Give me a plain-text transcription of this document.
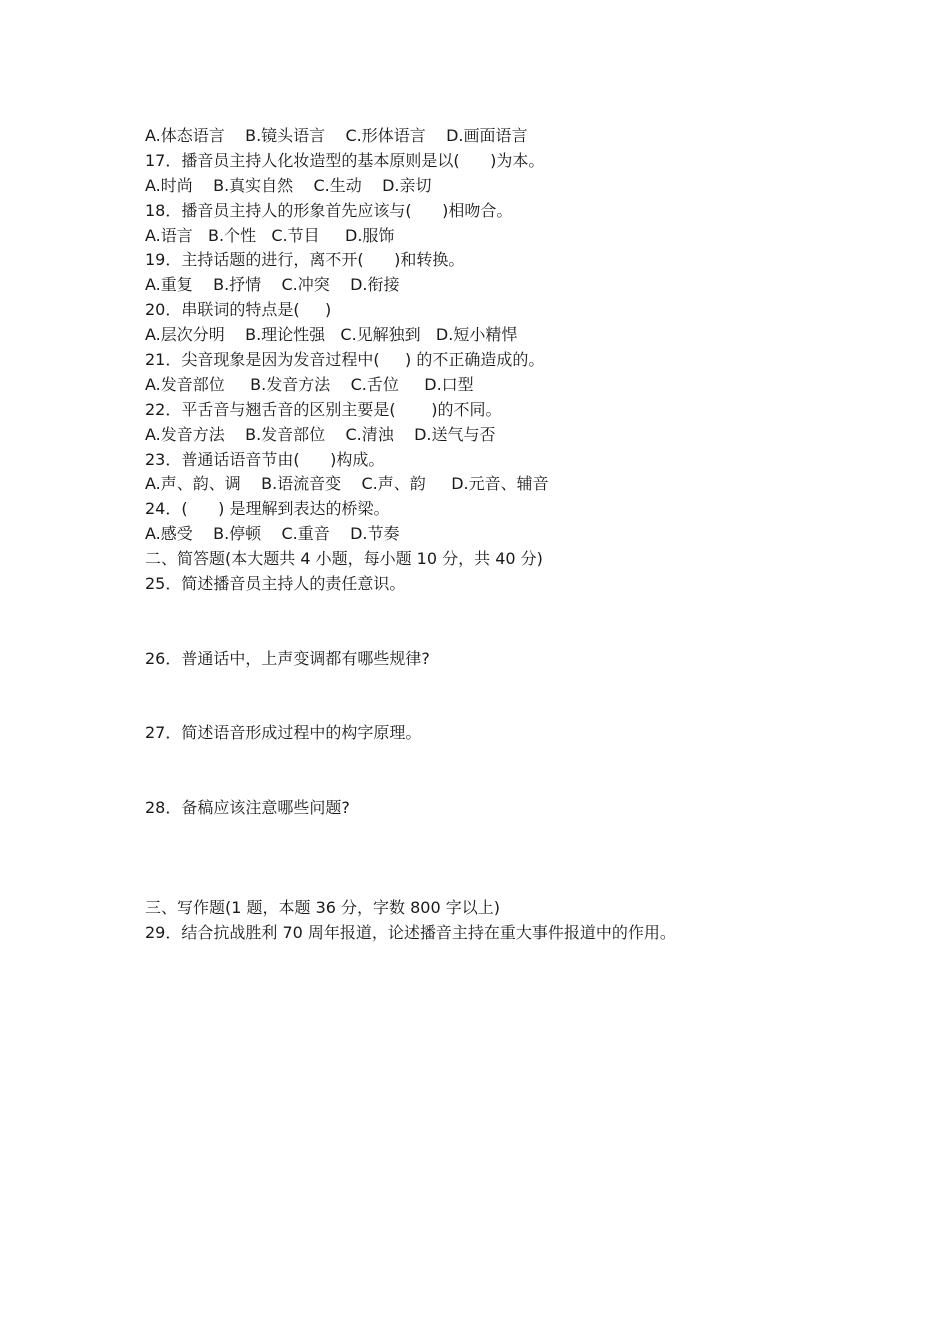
A.体态语言    B.镜头语言    C.形体语言    D.画面语言
17．播音员主持人化妆造型的基本原则是以(      )为本。
A.时尚    B.真实自然    C.生动    D.亲切
18．播音员主持人的形象首先应该与(      )相吻合。
A.语言   B.个性   C.节目     D.服饰
19．主持话题的进行，离不开(      )和转换。
A.重复    B.抒情    C.冲突    D.衔接
20．串联词的特点是(     )
A.层次分明    B.理论性强   C.见解独到   D.短小精悍
21．尖音现象是因为发音过程中(     ) 的不正确造成的。
A.发音部位     B.发音方法    C.舌位     D.口型
22．平舌音与翘舌音的区别主要是(       )的不同。
A.发音方法    B.发音部位    C.清浊    D.送气与否
23．普通话语音节由(      )构成。
A.声、韵、调    B.语流音变    C.声、韵     D.元音、辅音
24．(      ) 是理解到表达的桥梁。
A.感受    B.停顿    C.重音    D.节奏
二、简答题(本大题共 4 小题，每小题 10 分，共 40 分)
25．简述播音员主持人的责任意识。
26．普通话中，上声变调都有哪些规律?
27．简述语音形成过程中的构字原理。
28．备稿应该注意哪些问题?
三、写作题(1 题，本题 36 分，字数 800 字以上)
29．结合抗战胜利 70 周年报道，论述播音主持在重大事件报道中的作用。
